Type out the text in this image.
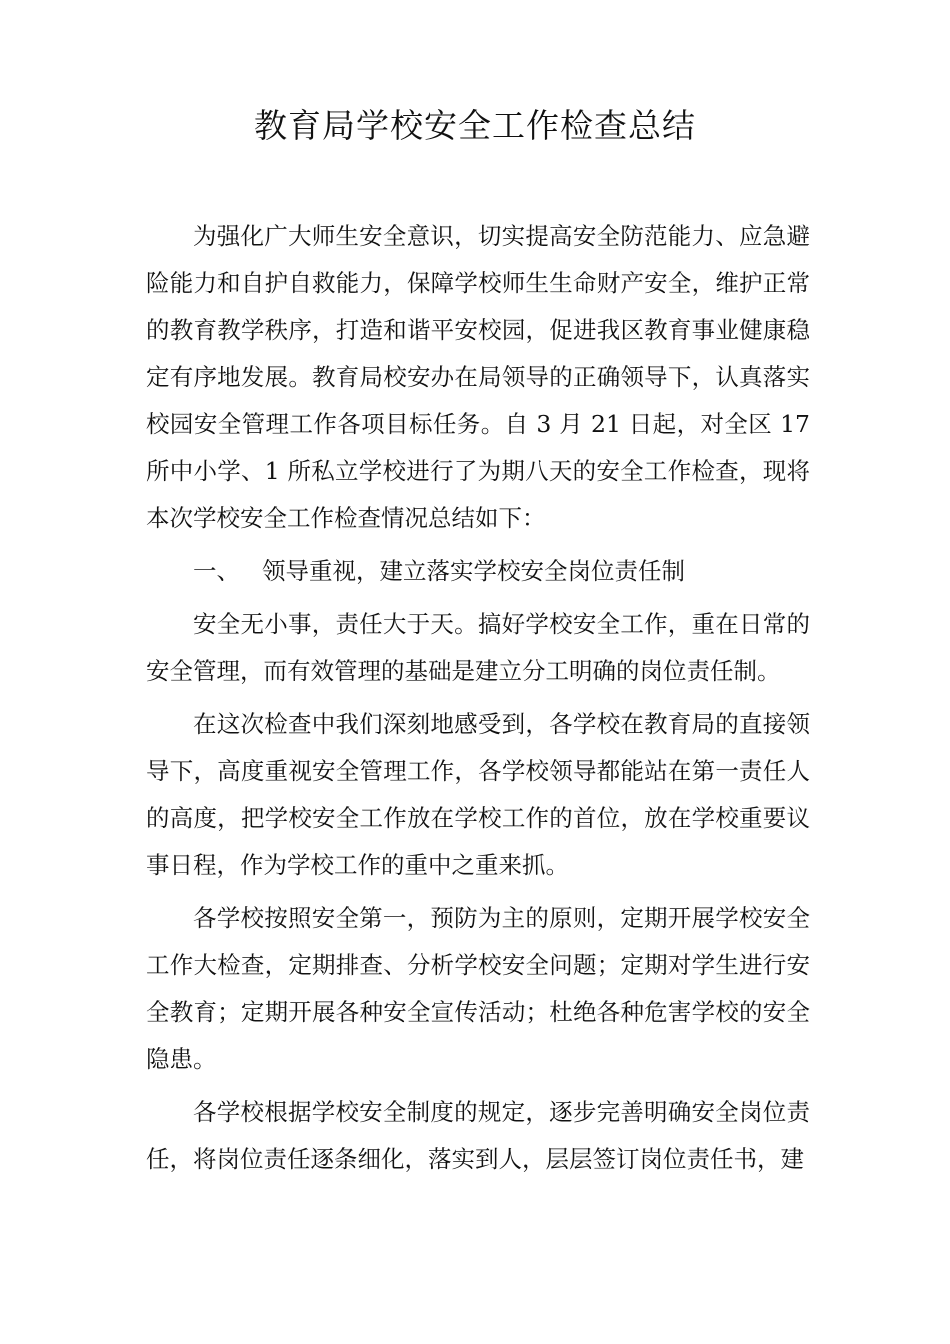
教育局学校安全工作检查总结

为强化广大师生安全意识，切实提高安全防范能力、应急避险能力和自护自救能力，保障学校师生生命财产安全，维护正常的教育教学秩序，打造和谐平安校园，促进我区教育事业健康稳定有序地发展。教育局校安办在局领导的正确领导下，认真落实校园安全管理工作各项目标任务。自 3 月 21 日起，对全区 17 所中小学、1 所私立学校进行了为期八天的安全工作检查，现将本次学校安全工作检查情况总结如下：

一、 领导重视，建立落实学校安全岗位责任制

安全无小事，责任大于天。搞好学校安全工作，重在日常的安全管理，而有效管理的基础是建立分工明确的岗位责任制。

在这次检查中我们深刻地感受到，各学校在教育局的直接领导下，高度重视安全管理工作，各学校领导都能站在第一责任人的高度，把学校安全工作放在学校工作的首位，放在学校重要议事日程，作为学校工作的重中之重来抓。

各学校按照安全第一，预防为主的原则，定期开展学校安全工作大检查，定期排查、分析学校安全问题；定期对学生进行安全教育；定期开展各种安全宣传活动；杜绝各种危害学校的安全隐患。

各学校根据学校安全制度的规定，逐步完善明确安全岗位责任，将岗位责任逐条细化，落实到人，层层签订岗位责任书，建
